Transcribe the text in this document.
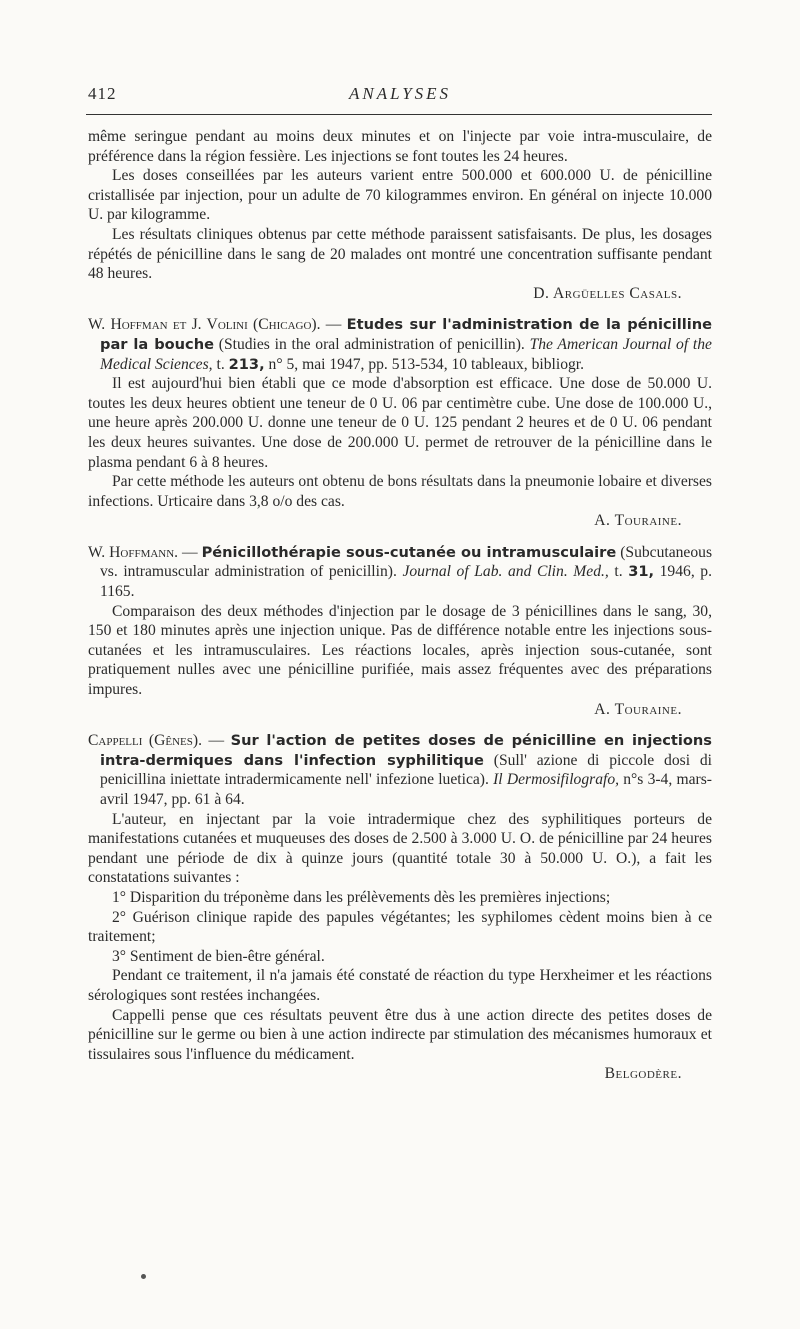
412	ANALYSES

même seringue pendant au moins deux minutes et on l'injecte par voie intra-musculaire, de préférence dans la région fessière. Les injections se font toutes les 24 heures.

Les doses conseillées par les auteurs varient entre 500.000 et 600.000 U. de pénicilline cristallisée par injection, pour un adulte de 70 kilogrammes environ. En général on injecte 10.000 U. par kilogramme.

Les résultats cliniques obtenus par cette méthode paraissent satisfaisants. De plus, les dosages répétés de pénicilline dans le sang de 20 malades ont montré une concentration suffisante pendant 48 heures.

D. Argüelles Casals.

W. Hoffman et J. Volini (Chicago). — Etudes sur l'administration de la pénicilline par la bouche (Studies in the oral administration of penicillin). The American Journal of the Medical Sciences, t. 213, n° 5, mai 1947, pp. 513-534, 10 tableaux, bibliogr.

Il est aujourd'hui bien établi que ce mode d'absorption est efficace. Une dose de 50.000 U. toutes les deux heures obtient une teneur de 0 U. 06 par centimètre cube. Une dose de 100.000 U., une heure après 200.000 U. donne une teneur de 0 U. 125 pendant 2 heures et de 0 U. 06 pendant les deux heures suivantes. Une dose de 200.000 U. permet de retrouver de la pénicilline dans le plasma pendant 6 à 8 heures.

Par cette méthode les auteurs ont obtenu de bons résultats dans la pneumonie lobaire et diverses infections. Urticaire dans 3,8 o/o des cas.

A. Touraine.

W. Hoffmann. — Pénicillothérapie sous-cutanée ou intramusculaire (Subcutaneous vs. intramuscular administration of penicillin). Journal of Lab. and Clin. Med., t. 31, 1946, p. 1165.

Comparaison des deux méthodes d'injection par le dosage de 3 pénicillines dans le sang, 30, 150 et 180 minutes après une injection unique. Pas de différence notable entre les injections sous-cutanées et les intramusculaires. Les réactions locales, après injection sous-cutanée, sont pratiquement nulles avec une pénicilline purifiée, mais assez fréquentes avec des préparations impures.

A. Touraine.

Cappelli (Gênes). — Sur l'action de petites doses de pénicilline en injections intra-dermiques dans l'infection syphilitique (Sull' azione di piccole dosi di penicillina iniettate intradermicamente nell' infezione luetica). Il Dermosifilografo, n°s 3-4, mars-avril 1947, pp. 61 à 64.

L'auteur, en injectant par la voie intradermique chez des syphilitiques porteurs de manifestations cutanées et muqueuses des doses de 2.500 à 3.000 U. O. de pénicilline par 24 heures pendant une période de dix à quinze jours (quantité totale 30 à 50.000 U. O.), a fait les constatations suivantes :

1° Disparition du tréponème dans les prélèvements dès les premières injections;

2° Guérison clinique rapide des papules végétantes; les syphilomes cèdent moins bien à ce traitement;

3° Sentiment de bien-être général.

Pendant ce traitement, il n'a jamais été constaté de réaction du type Herxheimer et les réactions sérologiques sont restées inchangées.

Cappelli pense que ces résultats peuvent être dus à une action directe des petites doses de pénicilline sur le germe ou bien à une action indirecte par stimulation des mécanismes humoraux et tissulaires sous l'influence du médicament.

Belgodère.
